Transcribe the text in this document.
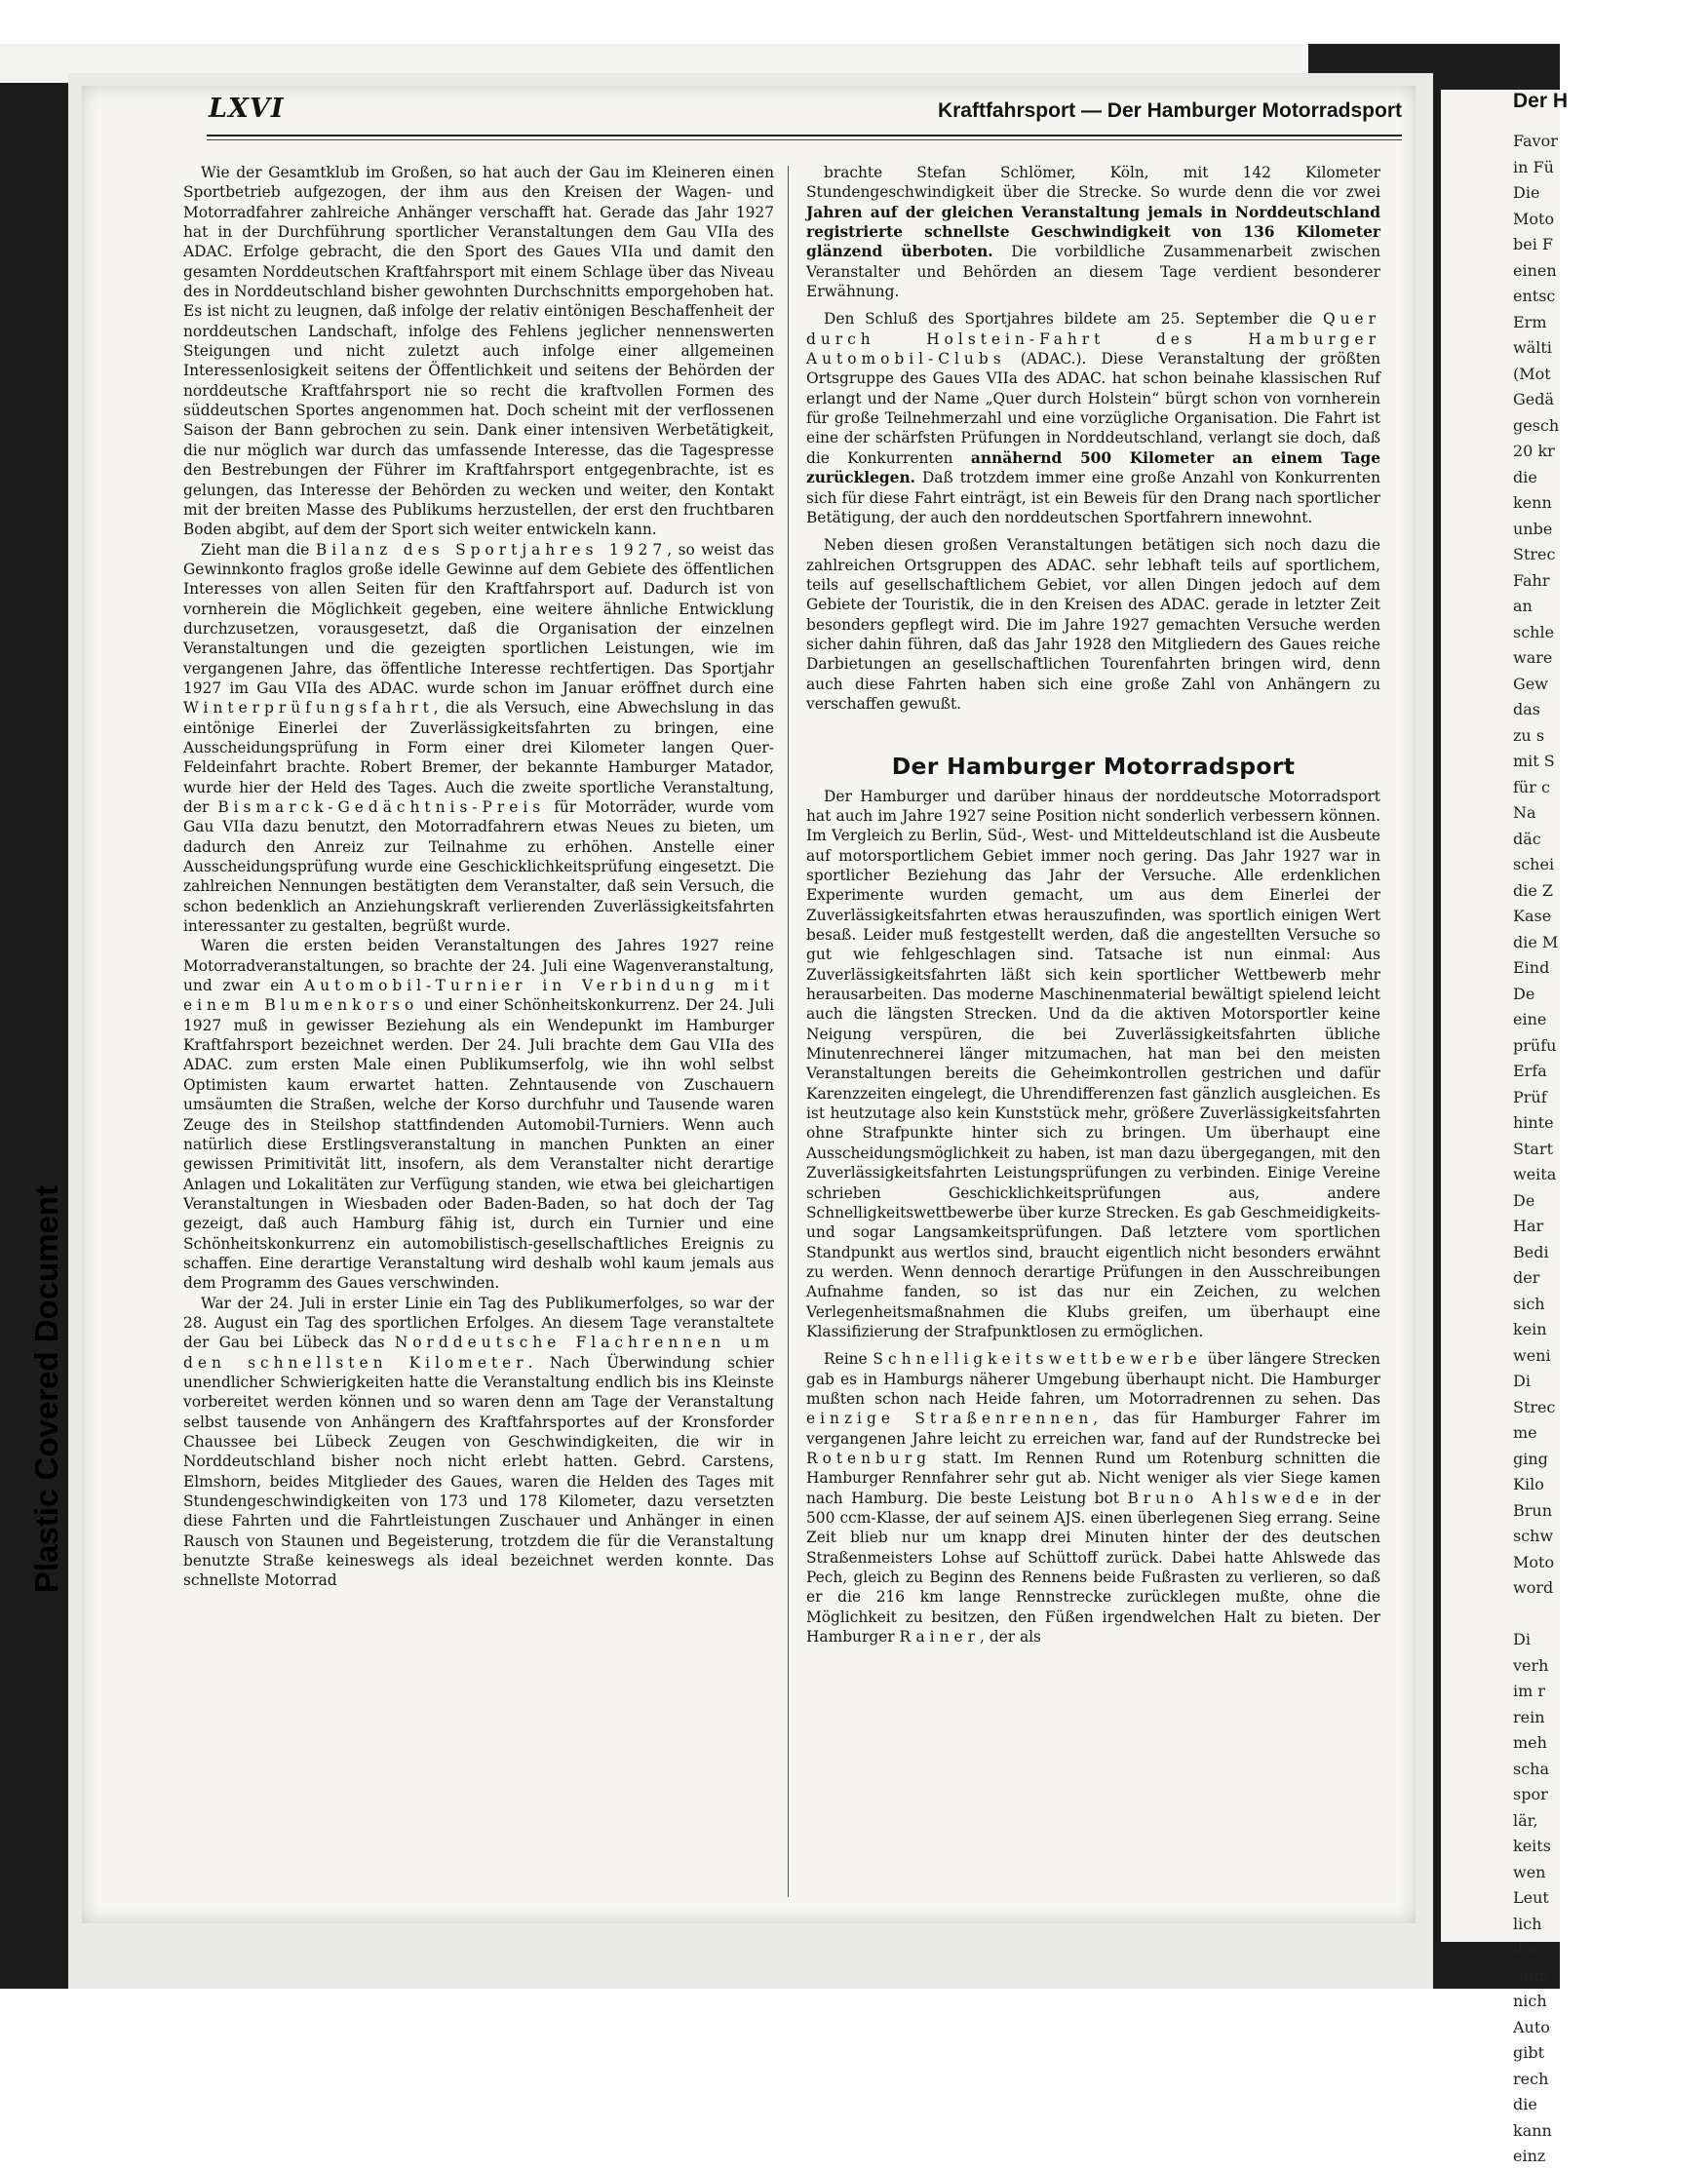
LXVI	Kraftfahrsport — Der Hamburger Motorradsport

Wie der Gesamtklub im Großen, so hat auch der Gau im Kleineren einen Sportbetrieb aufgezogen, der ihm aus den Kreisen der Wagen- und Motorradfahrer zahlreiche Anhänger verschafft hat. Gerade das Jahr 1927 hat in der Durchführung sportlicher Veranstaltungen dem Gau VIIa des ADAC. Erfolge gebracht, die den Sport des Gaues VIIa und damit den gesamten Norddeutschen Kraftfahrsport mit einem Schlage über das Niveau des in Norddeutschland bisher gewohnten Durchschnitts emporgehoben hat. Es ist nicht zu leugnen, daß infolge der relativ eintönigen Beschaffenheit der norddeutschen Landschaft, infolge des Fehlens jeglicher nennenswerten Steigungen und nicht zuletzt auch infolge einer allgemeinen Interessenlosigkeit seitens der Öffentlichkeit und seitens der Behörden der norddeutsche Kraftfahrsport nie so recht die kraftvollen Formen des süddeutschen Sportes angenommen hat. Doch scheint mit der verflossenen Saison der Bann gebrochen zu sein. Dank einer intensiven Werbetätigkeit, die nur möglich war durch das umfassende Interesse, das die Tagespresse den Bestrebungen der Führer im Kraftfahrsport entgegenbrachte, ist es gelungen, das Interesse der Behörden zu wecken und weiter, den Kontakt mit der breiten Masse des Publikums herzustellen, der erst den fruchtbaren Boden abgibt, auf dem der Sport sich weiter entwickeln kann.

Zieht man die Bilanz des Sportjahres 1927, so weist das Gewinnkonto fraglos große idelle Gewinne auf dem Gebiete des öffentlichen Interesses von allen Seiten für den Kraftfahrsport auf. Dadurch ist von vornherein die Möglichkeit gegeben, eine weitere ähnliche Entwicklung durchzusetzen, vorausgesetzt, daß die Organisation der einzelnen Veranstaltungen und die gezeigten sportlichen Leistungen, wie im vergangenen Jahre, das öffentliche Interesse rechtfertigen. Das Sportjahr 1927 im Gau VIIa des ADAC. wurde schon im Januar eröffnet durch eine Winterprüfungsfahrt, die als Versuch, eine Abwechslung in das eintönige Einerlei der Zuverlässigkeitsfahrten zu bringen, eine Ausscheidungsprüfung in Form einer drei Kilometer langen Quer-Feldeinfahrt brachte. Robert Bremer, der bekannte Hamburger Matador, wurde hier der Held des Tages. Auch die zweite sportliche Veranstaltung, der Bismarck-Gedächtnis-Preis für Motorräder, wurde vom Gau VIIa dazu benutzt, den Motorradfahrern etwas Neues zu bieten, um dadurch den Anreiz zur Teilnahme zu erhöhen. Anstelle einer Ausscheidungsprüfung wurde eine Geschicklichkeitsprüfung eingesetzt. Die zahlreichen Nennungen bestätigten dem Veranstalter, daß sein Versuch, die schon bedenklich an Anziehungskraft verlierenden Zuverlässigkeitsfahrten interessanter zu gestalten, begrüßt wurde.

Waren die ersten beiden Veranstaltungen des Jahres 1927 reine Motorradveranstaltungen, so brachte der 24. Juli eine Wagenveranstaltung, und zwar ein Automobil-Turnier in Verbindung mit einem Blumenkorso und einer Schönheitskonkurrenz. Der 24. Juli 1927 muß in gewisser Beziehung als ein Wendepunkt im Hamburger Kraftfahrsport bezeichnet werden. Der 24. Juli brachte dem Gau VIIa des ADAC. zum ersten Male einen Publikumserfolg, wie ihn wohl selbst Optimisten kaum erwartet hatten. Zehntausende von Zuschauern umsäumten die Straßen, welche der Korso durchfuhr und Tausende waren Zeuge des in Steilshop stattfindenden Automobil-Turniers. Wenn auch natürlich diese Erstlingsveranstaltung in manchen Punkten an einer gewissen Primitivität litt, insofern, als dem Veranstalter nicht derartige Anlagen und Lokalitäten zur Verfügung standen, wie etwa bei gleichartigen Veranstaltungen in Wiesbaden oder Baden-Baden, so hat doch der Tag gezeigt, daß auch Hamburg fähig ist, durch ein Turnier und eine Schönheitskonkurrenz ein automobilistisch-gesellschaftliches Ereignis zu schaffen. Eine derartige Veranstaltung wird deshalb wohl kaum jemals aus dem Programm des Gaues verschwinden.

War der 24. Juli in erster Linie ein Tag des Publikumerfolges, so war der 28. August ein Tag des sportlichen Erfolges. An diesem Tage veranstaltete der Gau bei Lübeck das Norddeutsche Flachrennen um den schnellsten Kilometer. Nach Überwindung schier unendlicher Schwierigkeiten hatte die Veranstaltung endlich bis ins Kleinste vorbereitet werden können und so waren denn am Tage der Veranstaltung selbst tausende von Anhängern des Kraftfahrsportes auf der Kronsforder Chaussee bei Lübeck Zeugen von Geschwindigkeiten, die wir in Norddeutschland bisher noch nicht erlebt hatten. Gebrd. Carstens, Elmshorn, beides Mitglieder des Gaues, waren die Helden des Tages mit Stundengeschwindigkeiten von 173 und 178 Kilometer, dazu versetzten diese Fahrten und die Fahrtleistungen Zuschauer und Anhänger in einen Rausch von Staunen und Begeisterung, trotzdem die für die Veranstaltung benutzte Straße keineswegs als ideal bezeichnet werden konnte. Das schnellste Motorrad

brachte Stefan Schlömer, Köln, mit 142 Kilometer Stundengeschwindigkeit über die Strecke. So wurde denn die vor zwei Jahren auf der gleichen Veranstaltung jemals in Norddeutschland registrierte schnellste Geschwindigkeit von 136 Kilometer glänzend überboten. Die vorbildliche Zusammenarbeit zwischen Veranstalter und Behörden an diesem Tage verdient besonderer Erwähnung.

Den Schluß des Sportjahres bildete am 25. September die Quer durch Holstein-Fahrt des Hamburger Automobil-Clubs (ADAC.). Diese Veranstaltung der größten Ortsgruppe des Gaues VIIa des ADAC. hat schon beinahe klassischen Ruf erlangt und der Name „Quer durch Holstein“ bürgt schon von vornherein für große Teilnehmerzahl und eine vorzügliche Organisation. Die Fahrt ist eine der schärfsten Prüfungen in Norddeutschland, verlangt sie doch, daß die Konkurrenten annähernd 500 Kilometer an einem Tage zurücklegen. Daß trotzdem immer eine große Anzahl von Konkurrenten sich für diese Fahrt einträgt, ist ein Beweis für den Drang nach sportlicher Betätigung, der auch den norddeutschen Sportfahrern innewohnt.

Neben diesen großen Veranstaltungen betätigen sich noch dazu die zahlreichen Ortsgruppen des ADAC. sehr lebhaft teils auf sportlichem, teils auf gesellschaftlichem Gebiet, vor allen Dingen jedoch auf dem Gebiete der Touristik, die in den Kreisen des ADAC. gerade in letzter Zeit besonders gepflegt wird. Die im Jahre 1927 gemachten Versuche werden sicher dahin führen, daß das Jahr 1928 den Mitgliedern des Gaues reiche Darbietungen an gesellschaftlichen Tourenfahrten bringen wird, denn auch diese Fahrten haben sich eine große Zahl von Anhängern zu verschaffen gewußt.

Der Hamburger Motorradsport

Der Hamburger und darüber hinaus der norddeutsche Motorradsport hat auch im Jahre 1927 seine Position nicht sonderlich verbessern können. Im Vergleich zu Berlin, Süd-, West- und Mitteldeutschland ist die Ausbeute auf motorsportlichem Gebiet immer noch gering. Das Jahr 1927 war in sportlicher Beziehung das Jahr der Versuche. Alle erdenklichen Experimente wurden gemacht, um aus dem Einerlei der Zuverlässigkeitsfahrten etwas herauszufinden, was sportlich einigen Wert besaß. Leider muß festgestellt werden, daß die angestellten Versuche so gut wie fehlgeschlagen sind. Tatsache ist nun einmal: Aus Zuverlässigkeitsfahrten läßt sich kein sportlicher Wettbewerb mehr herausarbeiten. Das moderne Maschinenmaterial bewältigt spielend leicht auch die längsten Strecken. Und da die aktiven Motorsportler keine Neigung verspüren, die bei Zuverlässigkeitsfahrten übliche Minutenrechnerei länger mitzumachen, hat man bei den meisten Veranstaltungen bereits die Geheimkontrollen gestrichen und dafür Karenzzeiten eingelegt, die Uhrendifferenzen fast gänzlich ausgleichen. Es ist heutzutage also kein Kunststück mehr, größere Zuverlässigkeitsfahrten ohne Strafpunkte hinter sich zu bringen. Um überhaupt eine Ausscheidungsmöglichkeit zu haben, ist man dazu übergegangen, mit den Zuverlässigkeitsfahrten Leistungsprüfungen zu verbinden. Einige Vereine schrieben Geschicklichkeitsprüfungen aus, andere Schnelligkeitswettbewerbe über kurze Strecken. Es gab Geschmeidigkeits- und sogar Langsamkeitsprüfungen. Daß letztere vom sportlichen Standpunkt aus wertlos sind, braucht eigentlich nicht besonders erwähnt zu werden. Wenn dennoch derartige Prüfungen in den Ausschreibungen Aufnahme fanden, so ist das nur ein Zeichen, zu welchen Verlegenheitsmaßnahmen die Klubs greifen, um überhaupt eine Klassifizierung der Strafpunktlosen zu ermöglichen.

Reine Schnelligkeitswettbewerbe über längere Strecken gab es in Hamburgs näherer Umgebung überhaupt nicht. Die Hamburger mußten schon nach Heide fahren, um Motorradrennen zu sehen. Das einzige Straßenrennen, das für Hamburger Fahrer im vergangenen Jahre leicht zu erreichen war, fand auf der Rundstrecke bei Rotenburg statt. Im Rennen Rund um Rotenburg schnitten die Hamburger Rennfahrer sehr gut ab. Nicht weniger als vier Siege kamen nach Hamburg. Die beste Leistung bot Bruno Ahlswede in der 500 ccm-Klasse, der auf seinem AJS. einen überlegenen Sieg errang. Seine Zeit blieb nur um knapp drei Minuten hinter der des deutschen Straßenmeisters Lohse auf Schüttoff zurück. Dabei hatte Ahlswede das Pech, gleich zu Beginn des Rennens beide Fußrasten zu verlieren, so daß er die 216 km lange Rennstrecke zurücklegen mußte, ohne die Möglichkeit zu besitzen, den Füßen irgendwelchen Halt zu bieten. Der Hamburger Rainer, der als

Der H
Favor
in Fü
Die
Moto
bei F
einen
entsc
Erm
wälti
(Mot
Gedä
gesch
20 kr
die
kenn
unbe
Strec
Fahr
an
schle
ware
Gew
das
zu s
mit S
für c
Na
däc
schei
die Z
Kase
die M
Eind
De
eine
prüfu
Erfa
Prüf
hinte
Start
weita
De
Har
Bedi
der
sich
kein
weni
Di
Strec
me
ging
Kilo
Brun
schw
Moto
word

Di
verh
im r
rein
meh
scha
spor
lär,
keits
wen
Leut
lich
die
Sum
nich
Auto
gibt
rech
die
kann
einz
Plastic Covered Document
